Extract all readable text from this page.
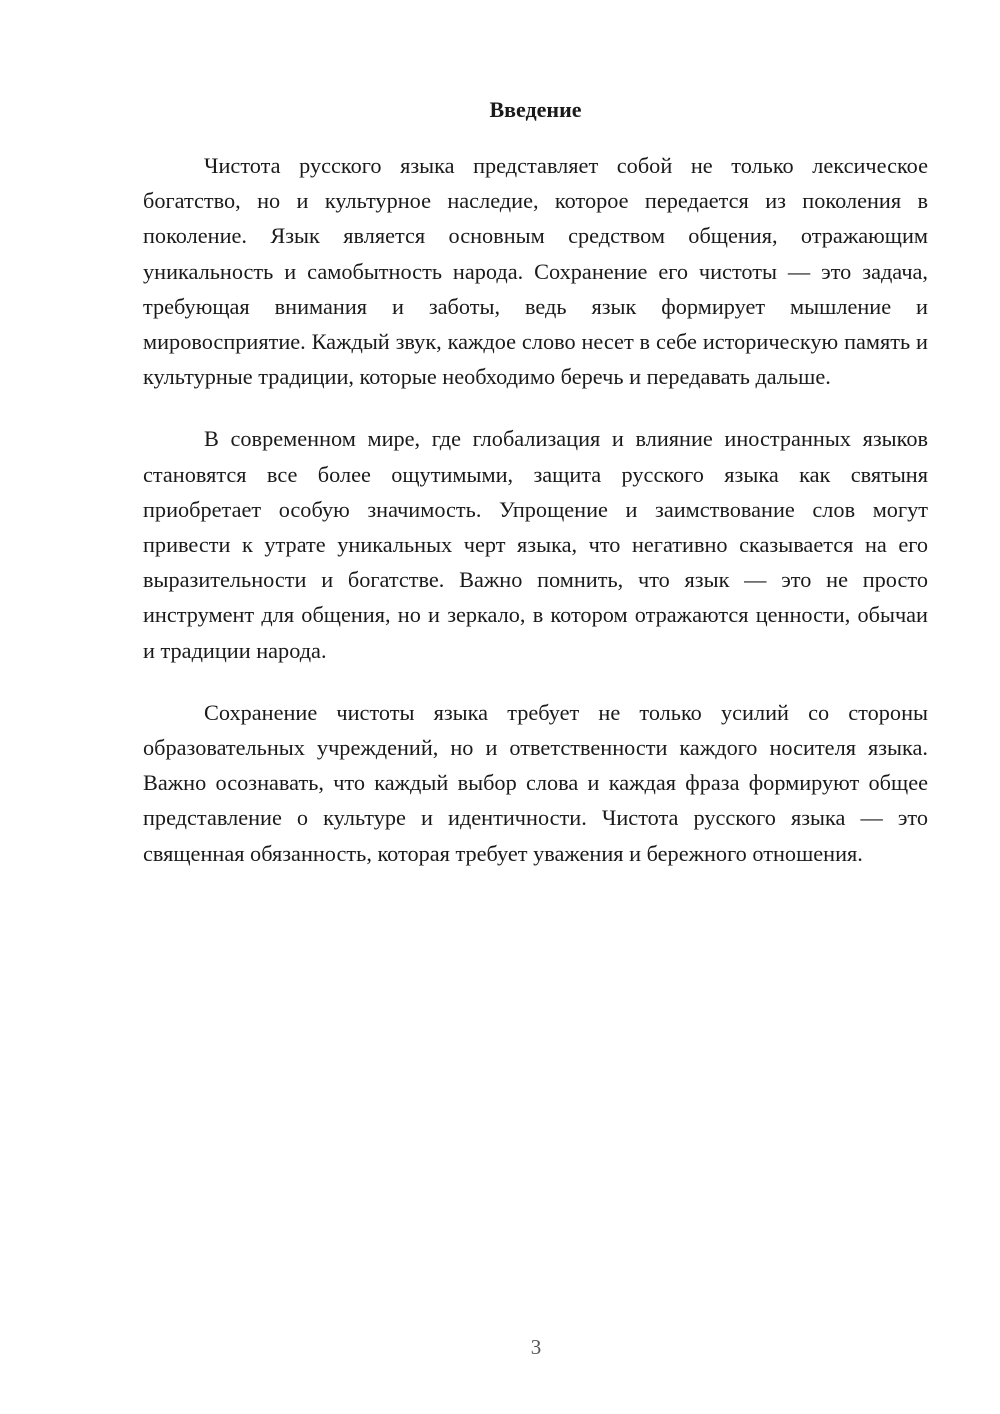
Введение

Чистота русского языка представляет собой не только лексическое богатство, но и культурное наследие, которое передается из поколения в поколение. Язык является основным средством общения, отражающим уникальность и самобытность народа. Сохранение его чистоты — это задача, требующая внимания и заботы, ведь язык формирует мышление и мировосприятие. Каждый звук, каждое слово несет в себе историческую память и культурные традиции, которые необходимо беречь и передавать дальше.

В современном мире, где глобализация и влияние иностранных языков становятся все более ощутимыми, защита русского языка как святыня приобретает особую значимость. Упрощение и заимствование слов могут привести к утрате уникальных черт языка, что негативно сказывается на его выразительности и богатстве. Важно помнить, что язык — это не просто инструмент для общения, но и зеркало, в котором отражаются ценности, обычаи и традиции народа.

Сохранение чистоты языка требует не только усилий со стороны образовательных учреждений, но и ответственности каждого носителя языка. Важно осознавать, что каждый выбор слова и каждая фраза формируют общее представление о культуре и идентичности. Чистота русского языка — это священная обязанность, которая требует уважения и бережного отношения.

3
